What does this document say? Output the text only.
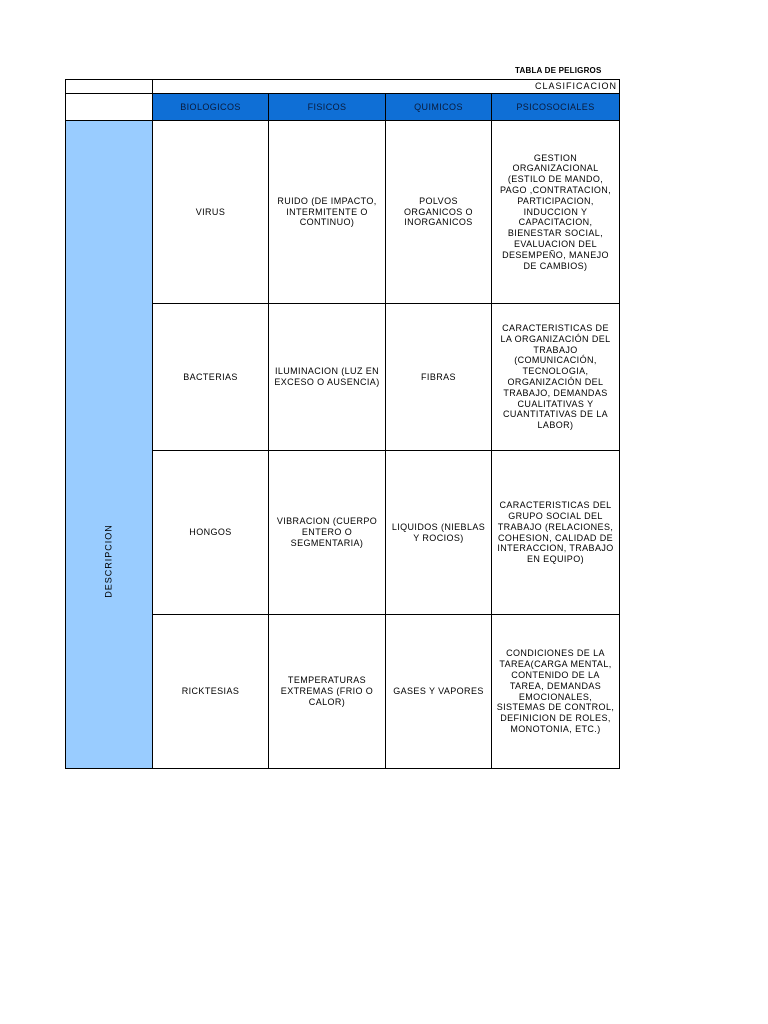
TABLA DE PELIGROS
	CLASIFICACION			
	BIOLOGICOS	FISICOS	QUIMICOS	PSICOSOCIALES

DESCRIPCION	VIRUS	RUIDO (DE IMPACTO, INTERMITENTE O CONTINUO)	POLVOS ORGANICOS O INORGANICOS	GESTION ORGANIZACIONAL (ESTILO DE MANDO, PAGO ,CONTRATACION, PARTICIPACION, INDUCCION Y CAPACITACION, BIENESTAR SOCIAL, EVALUACION DEL DESEMPEÑO, MANEJO DE CAMBIOS)
	BACTERIAS	ILUMINACION (LUZ EN EXCESO O AUSENCIA)	FIBRAS	CARACTERISTICAS DE LA ORGANIZACIÓN DEL TRABAJO (COMUNICACIÓN, TECNOLOGIA, ORGANIZACIÓN DEL TRABAJO, DEMANDAS CUALITATIVAS Y CUANTITATIVAS DE LA LABOR)
	HONGOS	VIBRACION (CUERPO ENTERO O SEGMENTARIA)	LIQUIDOS (NIEBLAS Y ROCIOS)	CARACTERISTICAS DEL GRUPO SOCIAL DEL TRABAJO (RELACIONES, COHESION, CALIDAD DE INTERACCION, TRABAJO EN EQUIPO)
	RICKTESIAS	TEMPERATURAS EXTREMAS (FRIO O CALOR)	GASES Y VAPORES	CONDICIONES DE LA TAREA(CARGA MENTAL, CONTENIDO DE LA TAREA, DEMANDAS EMOCIONALES, SISTEMAS DE CONTROL, DEFINICION DE ROLES, MONOTONIA, ETC.)
